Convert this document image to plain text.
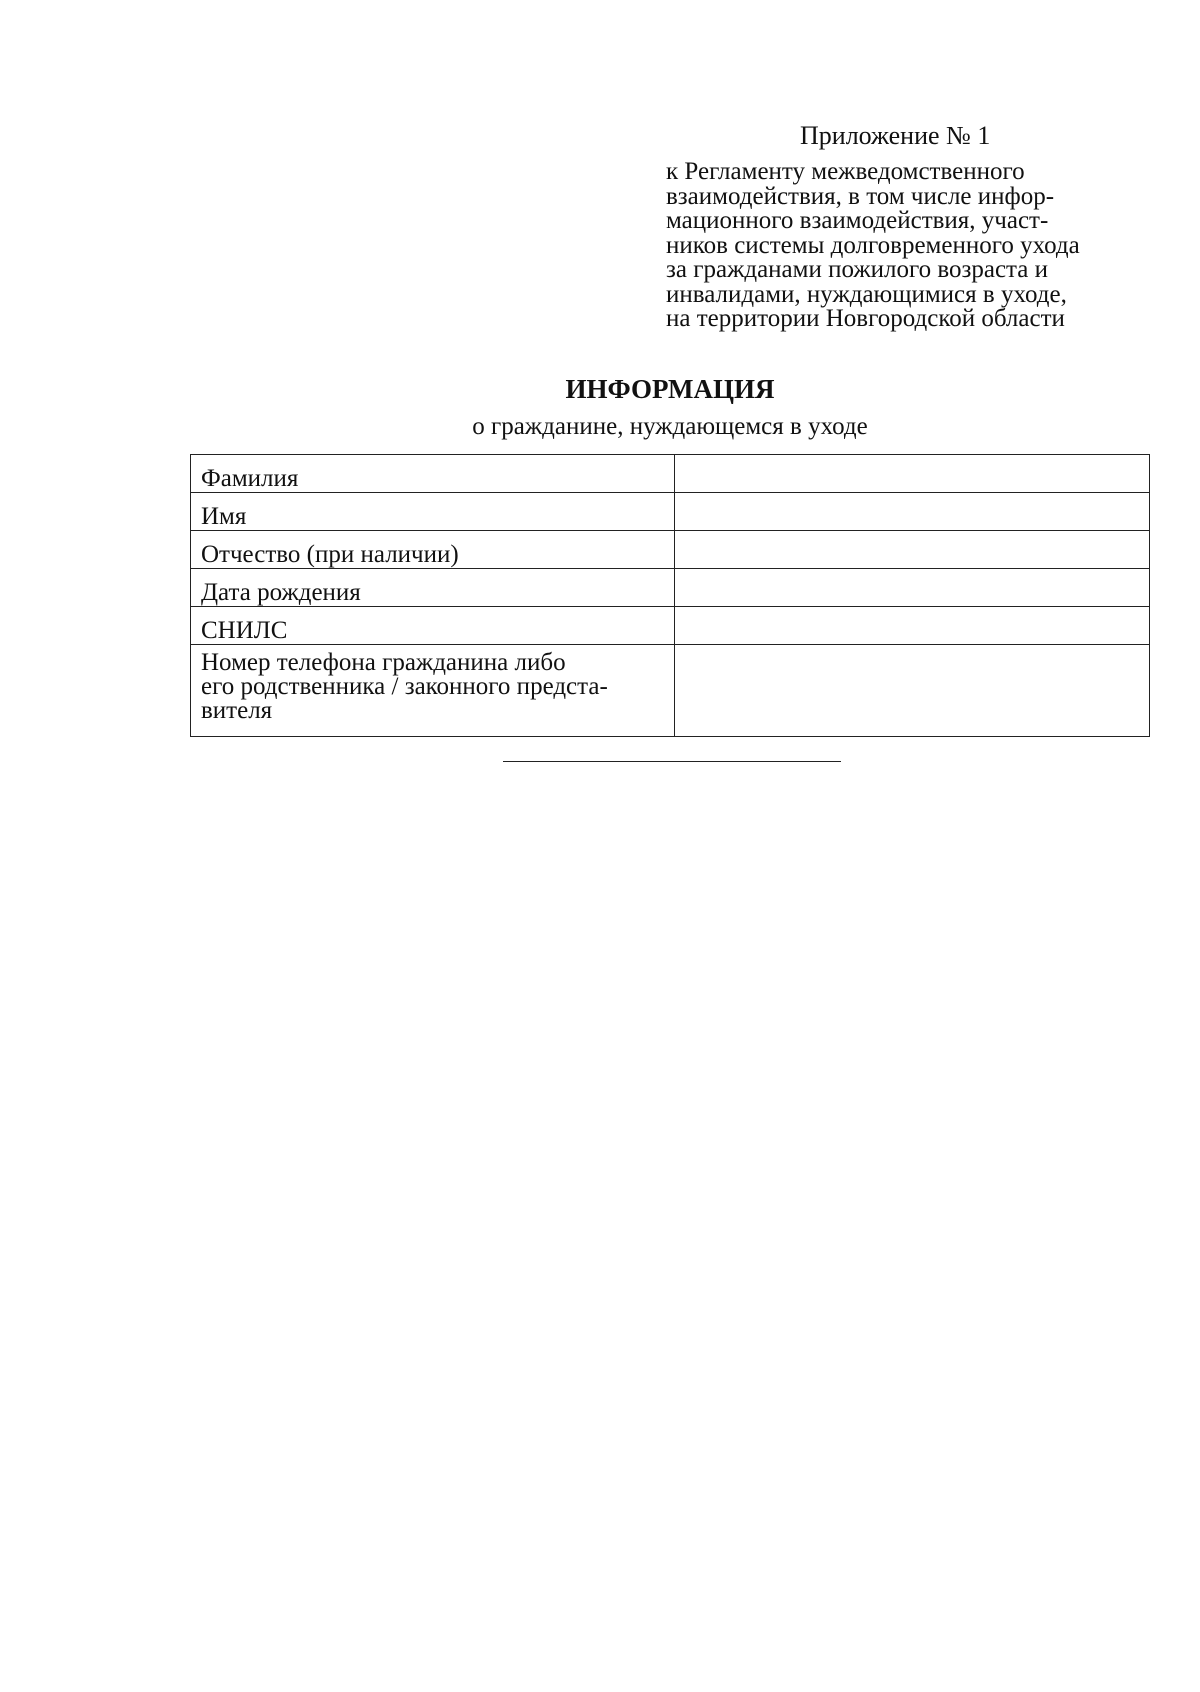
Приложение № 1
к Регламенту межведомственного
взаимодействия, в том числе инфор-
мационного взаимодействия, участ-
ников системы долговременного ухода
за гражданами пожилого возраста и
инвалидами, нуждающимися в уходе,
на территории Новгородской области
ИНФОРМАЦИЯ
о гражданине, нуждающемся в уходе
Фамилия	

Имя	

Отчество (при наличии)	

Дата рождения	

СНИЛС	

Номер телефона гражданина либо
его родственника / законного предста-
вителя	
